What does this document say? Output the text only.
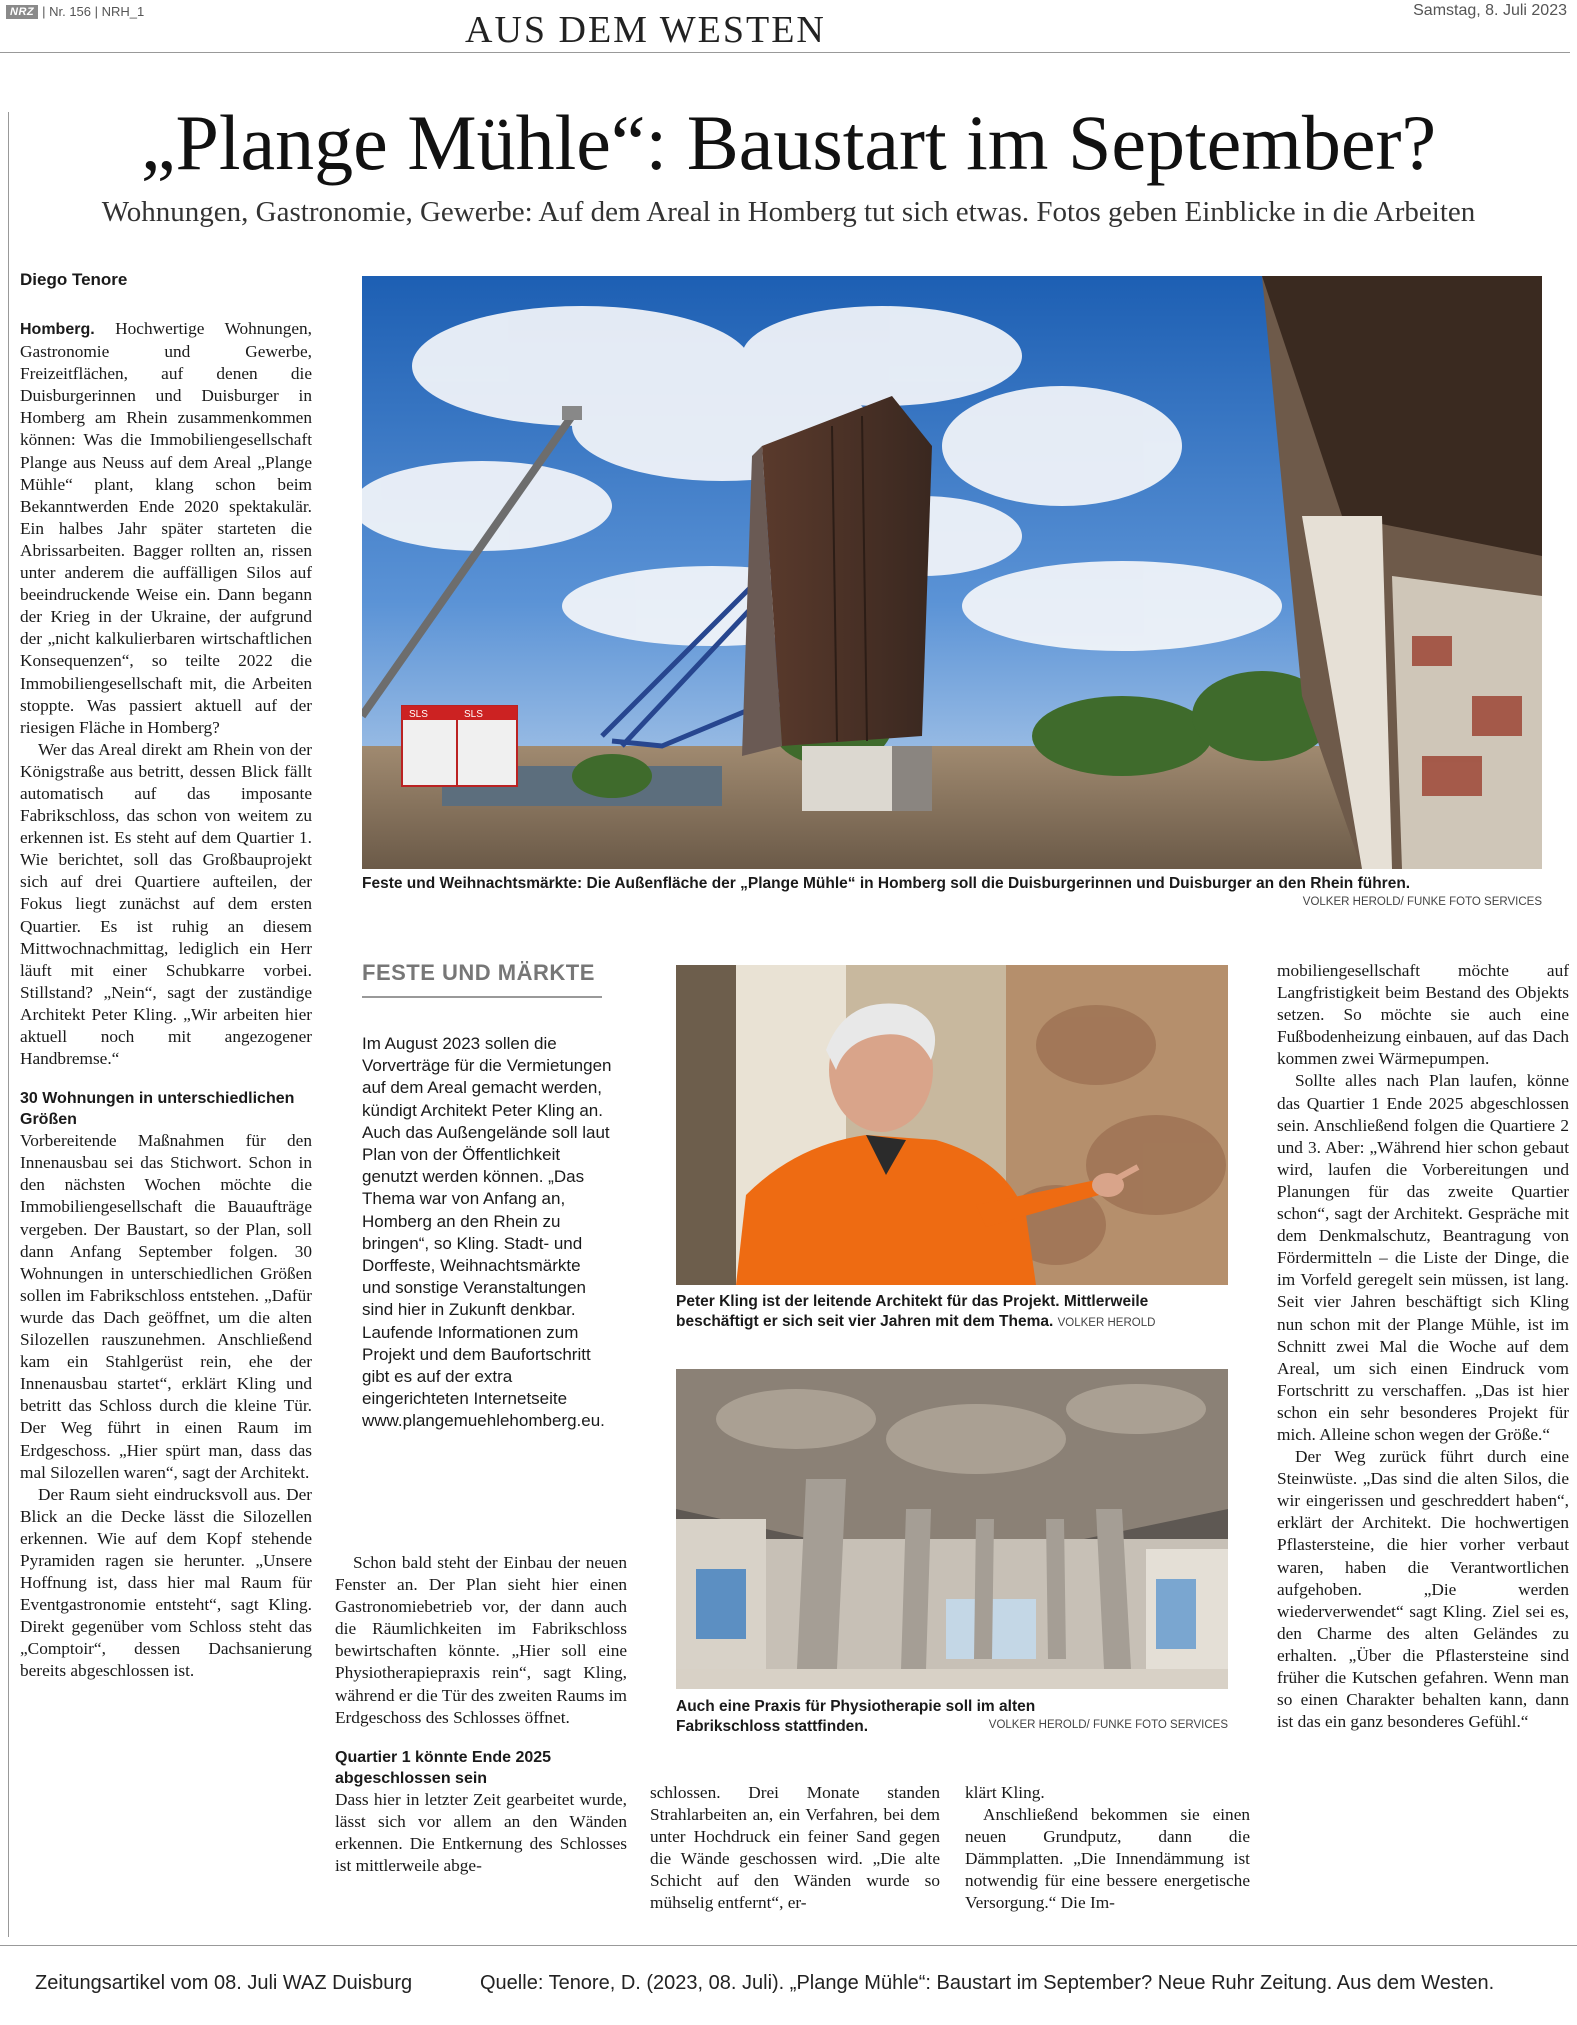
NRZ | Nr. 156 | NRH_1	AUS DEM WESTEN	Samstag, 8. Juli 2023
„Plange Mühle“: Baustart im September?
Wohnungen, Gastronomie, Gewerbe: Auf dem Areal in Homberg tut sich etwas. Fotos geben Einblicke in die Arbeiten
Diego Tenore

Homberg. Hochwertige Wohnungen, Gastronomie und Gewerbe, Freizeitflächen, auf denen die Duisburgerinnen und Duisburger in Homberg am Rhein zusammenkommen können: Was die Immobiliengesellschaft Plange aus Neuss auf dem Areal „Plange Mühle“ plant, klang schon beim Bekanntwerden Ende 2020 spektakulär. Ein halbes Jahr später starteten die Abrissarbeiten. Bagger rollten an, rissen unter anderem die auffälligen Silos auf beeindruckende Weise ein. Dann begann der Krieg in der Ukraine, der aufgrund der „nicht kalkulierbaren wirtschaftlichen Konsequenzen“, so teilte 2022 die Immobiliengesellschaft mit, die Arbeiten stoppte. Was passiert aktuell auf der riesigen Fläche in Homberg?

Wer das Areal direkt am Rhein von der Königstraße aus betritt, dessen Blick fällt automatisch auf das imposante Fabrikschloss, das schon von weitem zu erkennen ist. Es steht auf dem Quartier 1. Wie berichtet, soll das Großbauprojekt sich auf drei Quartiere aufteilen, der Fokus liegt zunächst auf dem ersten Quartier. Es ist ruhig an diesem Mittwochnachmittag, lediglich ein Herr läuft mit einer Schubkarre vorbei. Stillstand? „Nein“, sagt der zuständige Architekt Peter Kling. „Wir arbeiten hier aktuell noch mit angezogener Handbremse.“

30 Wohnungen in unterschiedlichen Größen

Vorbereitende Maßnahmen für den Innenausbau sei das Stichwort. Schon in den nächsten Wochen möchte die Immobiliengesellschaft die Bauaufträge vergeben. Der Baustart, so der Plan, soll dann Anfang September folgen. 30 Wohnungen in unterschiedlichen Größen sollen im Fabrikschloss entstehen. „Dafür wurde das Dach geöffnet, um die alten Silozellen rauszunehmen. Anschließend kam ein Stahlgerüst rein, ehe der Innenausbau startet“, erklärt Kling und betritt das Schloss durch die kleine Tür. Der Weg führt in einen Raum im Erdgeschoss. „Hier spürt man, dass das mal Silozellen waren“, sagt der Architekt.

Der Raum sieht eindrucksvoll aus. Der Blick an die Decke lässt die Silozellen erkennen. Wie auf dem Kopf stehende Pyramiden ragen sie herunter. „Unsere Hoffnung ist, dass hier mal Raum für Eventgastronomie entsteht“, sagt Kling. Direkt gegenüber vom Schloss steht das „Comptoir“, dessen Dachsanierung bereits abgeschlossen ist.

SLS	SLS
Feste und Weihnachtsmärkte: Die Außenfläche der „Plange Mühle“ in Homberg soll die Duisburgerinnen und Duisburger an den Rhein führen.
VOLKER HEROLD/ FUNKE FOTO SERVICES
FESTE UND MÄRKTE
Im August 2023 sollen die Vorverträge für die Vermietungen auf dem Areal gemacht werden, kündigt Architekt Peter Kling an. Auch das Außengelände soll laut Plan von der Öffentlichkeit genutzt werden können. „Das Thema war von Anfang an, Homberg an den Rhein zu bringen“, so Kling. Stadt- und Dorffeste, Weihnachtsmärkte und sonstige Veranstaltungen sind hier in Zukunft denkbar. Laufende Informationen zum Projekt und dem Baufortschritt gibt es auf der extra eingerichteten Internetseite www.plangemuehlehomberg.eu.

Schon bald steht der Einbau der neuen Fenster an. Der Plan sieht hier einen Gastronomiebetrieb vor, der dann auch die Räumlichkeiten im Fabrikschloss bewirtschaften könnte. „Hier soll eine Physiotherapiepraxis rein“, sagt Kling, während er die Tür des zweiten Raums im Erdgeschoss des Schlosses öffnet.

Quartier 1 könnte Ende 2025 abgeschlossen sein

Dass hier in letzter Zeit gearbeitet wurde, lässt sich vor allem an den Wänden erkennen. Die Entkernung des Schlosses ist mittlerweile abge-

Peter Kling ist der leitende Architekt für das Projekt. Mittlerweile beschäftigt er sich seit vier Jahren mit dem Thema. VOLKER HEROLD
Auch eine Praxis für Physiotherapie soll im alten Fabrikschloss stattfinden.	VOLKER HEROLD/ FUNKE FOTO SERVICES

schlossen. Drei Monate standen Strahlarbeiten an, ein Verfahren, bei dem unter Hochdruck ein feiner Sand gegen die Wände geschossen wird. „Die alte Schicht auf den Wänden wurde so mühselig entfernt“, er-

klärt Kling.

Anschließend bekommen sie einen neuen Grundputz, dann die Dämmplatten. „Die Innendämmung ist notwendig für eine bessere energetische Versorgung.“ Die Im-

mobiliengesellschaft möchte auf Langfristigkeit beim Bestand des Objekts setzen. So möchte sie auch eine Fußbodenheizung einbauen, auf das Dach kommen zwei Wärmepumpen.

Sollte alles nach Plan laufen, könne das Quartier 1 Ende 2025 abgeschlossen sein. Anschließend folgen die Quartiere 2 und 3. Aber: „Während hier schon gebaut wird, laufen die Vorbereitungen und Planungen für das zweite Quartier schon“, sagt der Architekt. Gespräche mit dem Denkmalschutz, Beantragung von Fördermitteln – die Liste der Dinge, die im Vorfeld geregelt sein müssen, ist lang. Seit vier Jahren beschäftigt sich Kling nun schon mit der Plange Mühle, ist im Schnitt zwei Mal die Woche auf dem Areal, um sich einen Eindruck vom Fortschritt zu verschaffen. „Das ist hier schon ein sehr besonderes Projekt für mich. Alleine schon wegen der Größe.“

Der Weg zurück führt durch eine Steinwüste. „Das sind die alten Silos, die wir eingerissen und geschreddert haben“, erklärt der Architekt. Die hochwertigen Pflastersteine, die hier vorher verbaut waren, haben die Verantwortlichen aufgehoben. „Die werden wiederverwendet“ sagt Kling. Ziel sei es, den Charme des alten Geländes zu erhalten. „Über die Pflastersteine sind früher die Kutschen gefahren. Wenn man so einen Charakter behalten kann, dann ist das ein ganz besonderes Gefühl.“

Zeitungsartikel vom 08. Juli WAZ Duisburg	Quelle: Tenore, D. (2023, 08. Juli). „Plange Mühle“: Baustart im September? Neue Ruhr Zeitung. Aus dem Westen.
